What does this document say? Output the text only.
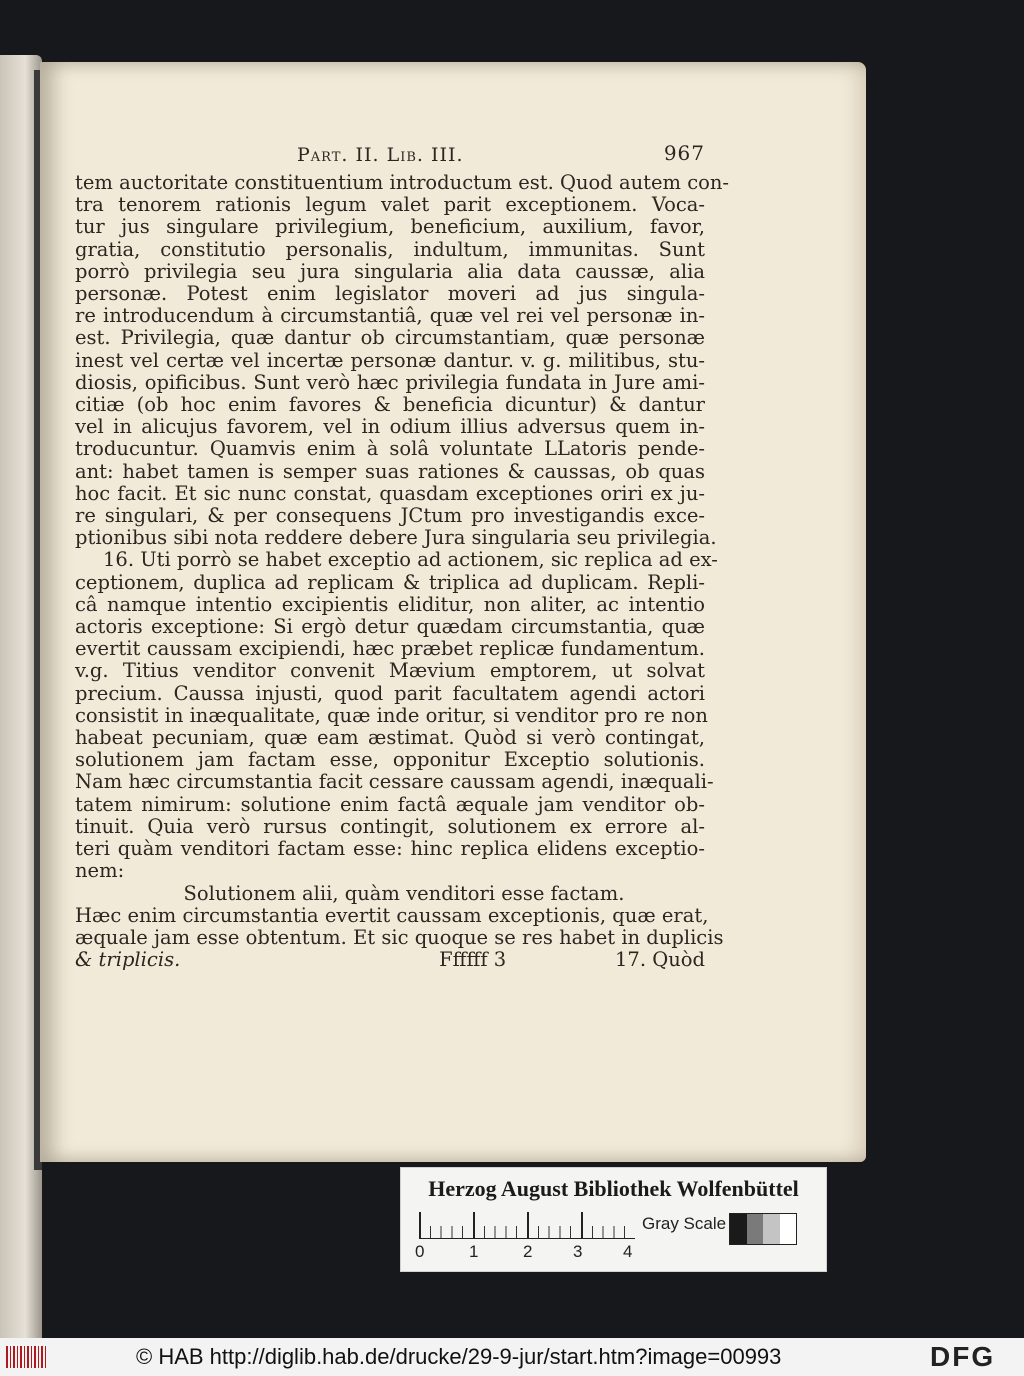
Part. II. Lib. III.	967
tem auctoritate constituentium introductum est. Quod autem con-
tra tenorem rationis legum valet parit exceptionem. Voca-
tur jus singulare privilegium, beneficium, auxilium, favor,
gratia, constitutio personalis, indultum, immunitas. Sunt
porrò privilegia seu jura singularia alia data caussæ, alia
personæ. Potest enim legislator moveri ad jus singula-
re introducendum à circumstantiâ, quæ vel rei vel personæ in-
est. Privilegia, quæ dantur ob circumstantiam, quæ personæ
inest vel certæ vel incertæ personæ dantur. v. g. militibus, stu-
diosis, opificibus. Sunt verò hæc privilegia fundata in Jure ami-
citiæ (ob hoc enim favores & beneficia dicuntur) & dantur
vel in alicujus favorem, vel in odium illius adversus quem in-
troducuntur. Quamvis enim à solâ voluntate LLatoris pende-
ant: habet tamen is semper suas rationes & caussas, ob quas
hoc facit. Et sic nunc constat, quasdam exceptiones oriri ex ju-
re singulari, & per consequens JCtum pro investigandis exce-
ptionibus sibi nota reddere debere Jura singularia seu privilegia.
16. Uti porrò se habet exceptio ad actionem, sic replica ad ex-
ceptionem, duplica ad replicam & triplica ad duplicam. Repli-
câ namque intentio excipientis eliditur, non aliter, ac intentio
actoris exceptione: Si ergò detur quædam circumstantia, quæ
evertit caussam excipiendi, hæc præbet replicæ fundamentum.
v.g. Titius venditor convenit Mævium emptorem, ut solvat
precium. Caussa injusti, quod parit facultatem agendi actori
consistit in inæqualitate, quæ inde oritur, si venditor pro re non
habeat pecuniam, quæ eam æstimat. Quòd si verò contingat,
solutionem jam factam esse, opponitur Exceptio solutionis.
Nam hæc circumstantia facit cessare caussam agendi, inæquali-
tatem nimirum: solutione enim factâ æquale jam venditor ob-
tinuit. Quia verò rursus contingit, solutionem ex errore al-
teri quàm venditori factam esse: hinc replica elidens exceptio-
nem:
Solutionem alii, quàm venditori esse factam.
Hæc enim circumstantia evertit caussam exceptionis, quæ erat,
æquale jam esse obtentum. Et sic quoque se res habet in duplicis
& triplicis.	Ffffff 3	17. Quòd
Herzog August Bibliothek Wolfenbüttel
0	1	2 3 4
Gray Scale
© HAB http://diglib.hab.de/drucke/29-9-jur/start.htm?image=00993	DFG
